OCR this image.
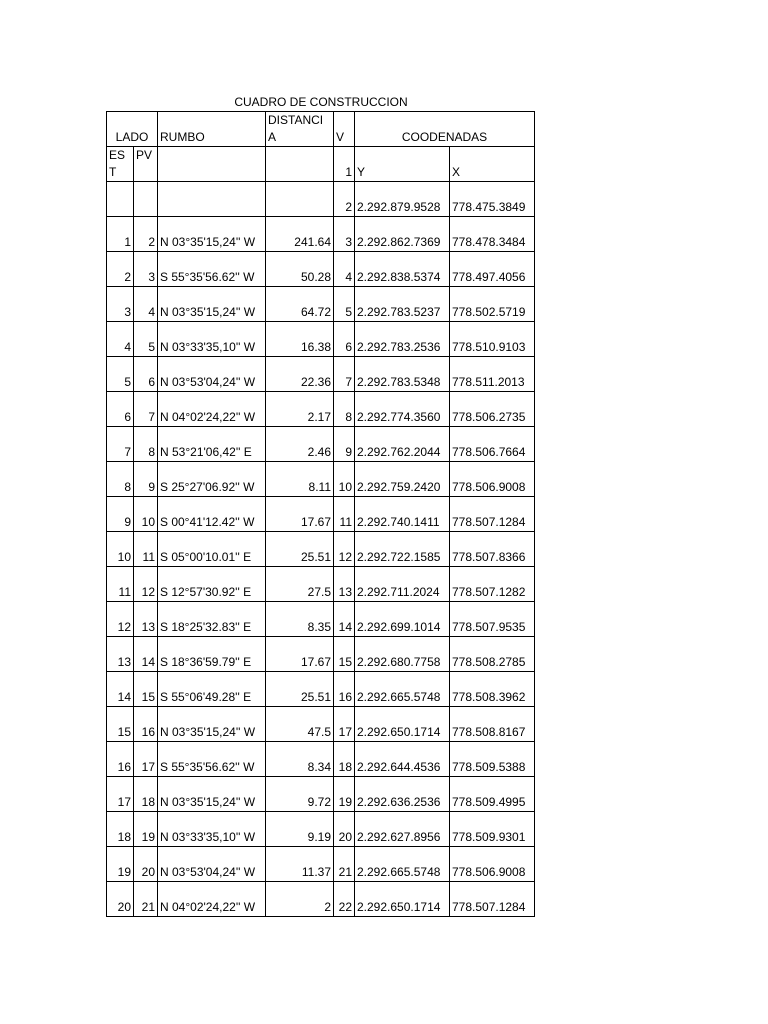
CUADRO DE CONSTRUCCION
LADO		RUMBO	DISTANCIA	V	COODENADAS	
EST	PV			1	Y	X
				2	2.292.879.9528	778.475.3849
1	2	N 03°35'15,24'' W	241.64	3	2.292.862.7369	778.478.3484
2	3	S 55°35'56.62'' W	50.28	4	2.292.838.5374	778.497.4056
3	4	N 03°35'15,24'' W	64.72	5	2.292.783.5237	778.502.5719
4	5	N 03°33'35,10'' W	16.38	6	2.292.783.2536	778.510.9103
5	6	N 03°53'04,24'' W	22.36	7	2.292.783.5348	778.511.2013
6	7	N 04°02'24,22'' W	2.17	8	2.292.774.3560	778.506.2735
7	8	N 53°21'06,42'' E	2.46	9	2.292.762.2044	778.506.7664
8	9	S 25°27'06.92'' W	8.11	10	2.292.759.2420	778.506.9008
9	10	S 00°41'12.42'' W	17.67	11	2.292.740.1411	778.507.1284
10	11	S 05°00'10.01'' E	25.51	12	2.292.722.1585	778.507.8366
11	12	S 12°57'30.92'' E	27.5	13	2.292.711.2024	778.507.1282
12	13	S 18°25'32.83'' E	8.35	14	2.292.699.1014	778.507.9535
13	14	S 18°36'59.79'' E	17.67	15	2.292.680.7758	778.508.2785
14	15	S 55°06'49.28'' E	25.51	16	2.292.665.5748	778.508.3962
15	16	N 03°35'15,24'' W	47.5	17	2.292.650.1714	778.508.8167
16	17	S 55°35'56.62'' W	8.34	18	2.292.644.4536	778.509.5388
17	18	N 03°35'15,24'' W	9.72	19	2.292.636.2536	778.509.4995
18	19	N 03°33'35,10'' W	9.19	20	2.292.627.8956	778.509.9301
19	20	N 03°53'04,24'' W	11.37	21	2.292.665.5748	778.506.9008
20	21	N 04°02'24,22'' W	2	22	2.292.650.1714	778.507.1284
